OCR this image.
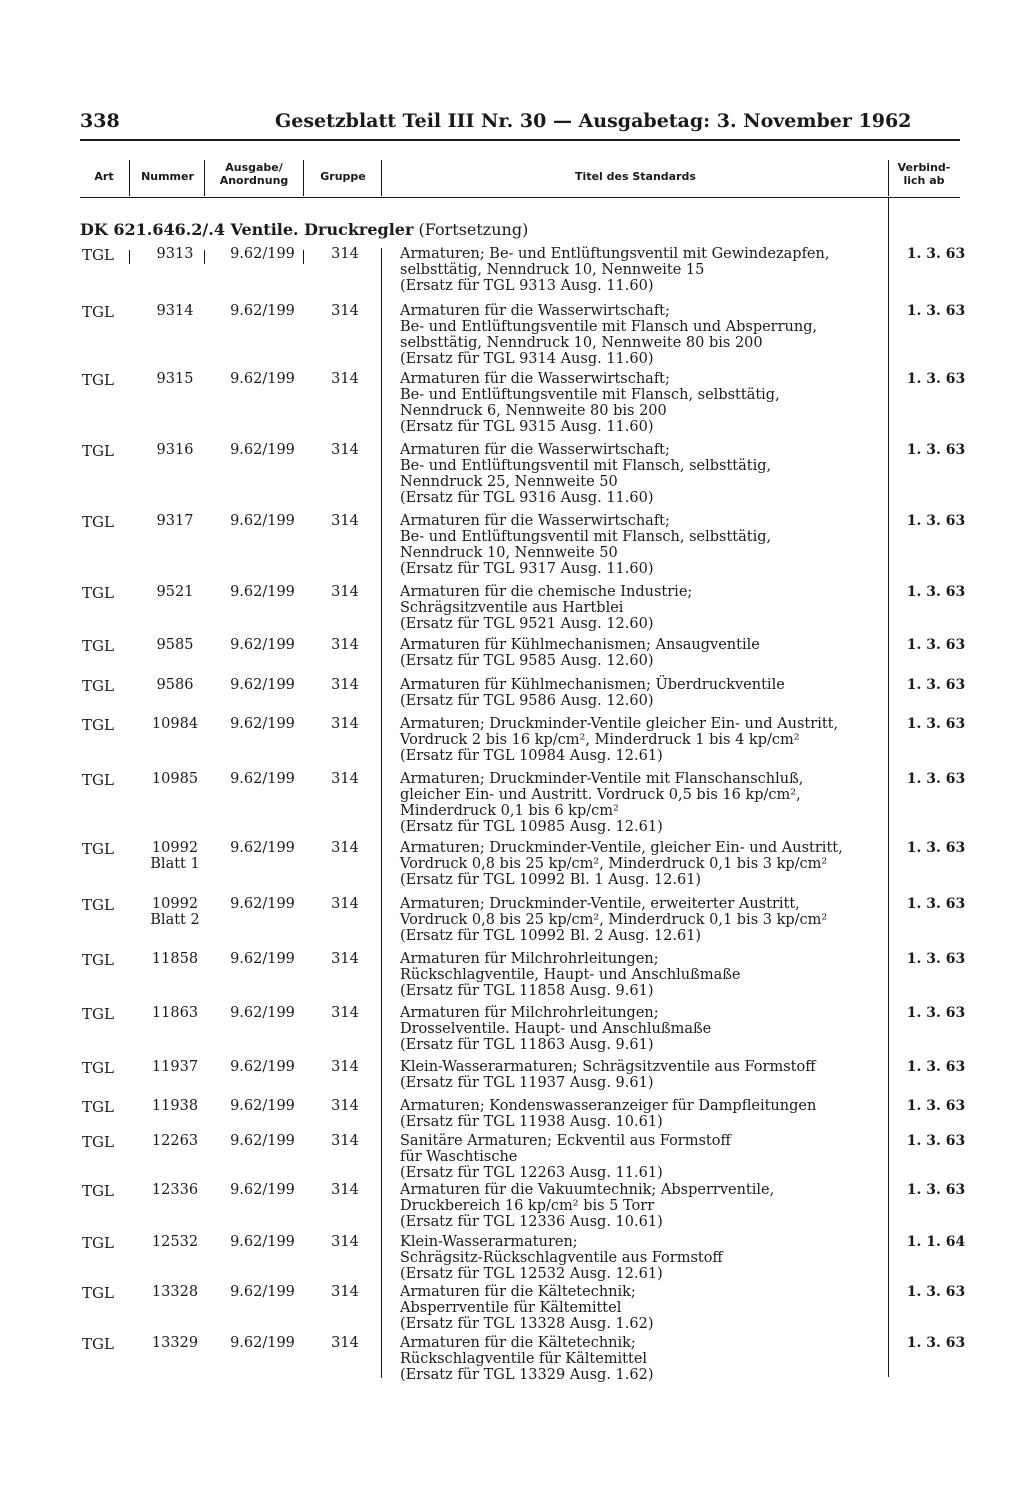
338	Gesetzblatt Teil III Nr. 30 — Ausgabetag: 3. November 1962
Art	Nummer
Ausgabe/
Anordnung	Gruppe	Titel des Standards
Verbind-
lich ab
DK 621.646.2/.4 Ventile. Druckregler (Fortsetzung)
TGL	9313	9.62/199	314	Armaturen; Be- und Entlüftungsventil mit Gewindezapfen,
selbsttätig, Nenndruck 10, Nennweite 15
(Ersatz für TGL 9313 Ausg. 11.60)
1. 3. 63
TGL	9314	9.62/199	314	Armaturen für die Wasserwirtschaft;
Be- und Entlüftungsventile mit Flansch und Absperrung,
selbsttätig, Nenndruck 10, Nennweite 80 bis 200
(Ersatz für TGL 9314 Ausg. 11.60)
1. 3. 63
TGL	9315	9.62/199	314	Armaturen für die Wasserwirtschaft;
Be- und Entlüftungsventile mit Flansch, selbsttätig,
Nenndruck 6, Nennweite 80 bis 200
(Ersatz für TGL 9315 Ausg. 11.60)
1. 3. 63
TGL	9316	9.62/199	314	Armaturen für die Wasserwirtschaft;
Be- und Entlüftungsventil mit Flansch, selbsttätig,
Nenndruck 25, Nennweite 50
(Ersatz für TGL 9316 Ausg. 11.60)
1. 3. 63
TGL	9317	9.62/199	314	Armaturen für die Wasserwirtschaft;
Be- und Entlüftungsventil mit Flansch, selbsttätig,
Nenndruck 10, Nennweite 50
(Ersatz für TGL 9317 Ausg. 11.60)
1. 3. 63
TGL	9521	9.62/199	314	Armaturen für die chemische Industrie;
Schrägsitzventile aus Hartblei
(Ersatz für TGL 9521 Ausg. 12.60)
1. 3. 63
TGL	9585	9.62/199	314	Armaturen für Kühlmechanismen; Ansaugventile
(Ersatz für TGL 9585 Ausg. 12.60)
1. 3. 63
TGL	9586	9.62/199	314	Armaturen für Kühlmechanismen; Überdruckventile
(Ersatz für TGL 9586 Ausg. 12.60)
1. 3. 63
TGL	10984	9.62/199	314	Armaturen; Druckminder-Ventile gleicher Ein- und Austritt,
Vordruck 2 bis 16 kp/cm², Minderdruck 1 bis 4 kp/cm²
(Ersatz für TGL 10984 Ausg. 12.61)
1. 3. 63
TGL	10985	9.62/199	314	Armaturen; Druckminder-Ventile mit Flanschanschluß,
gleicher Ein- und Austritt. Vordruck 0,5 bis 16 kp/cm²,
Minderdruck 0,1 bis 6 kp/cm²
(Ersatz für TGL 10985 Ausg. 12.61)
1. 3. 63
TGL	10992
Blatt 1
9.62/199	314	Armaturen; Druckminder-Ventile, gleicher Ein- und Austritt,
Vordruck 0,8 bis 25 kp/cm², Minderdruck 0,1 bis 3 kp/cm²
(Ersatz für TGL 10992 Bl. 1 Ausg. 12.61)
1. 3. 63
TGL	10992
Blatt 2
9.62/199	314	Armaturen; Druckminder-Ventile, erweiterter Austritt,
Vordruck 0,8 bis 25 kp/cm², Minderdruck 0,1 bis 3 kp/cm²
(Ersatz für TGL 10992 Bl. 2 Ausg. 12.61)
1. 3. 63
TGL	11858	9.62/199	314	Armaturen für Milchrohrleitungen;
Rückschlagventile, Haupt- und Anschlußmaße
(Ersatz für TGL 11858 Ausg. 9.61)
1. 3. 63
TGL	11863	9.62/199	314	Armaturen für Milchrohrleitungen;
Drosselventile. Haupt- und Anschlußmaße
(Ersatz für TGL 11863 Ausg. 9.61)
1. 3. 63
TGL	11937	9.62/199	314	Klein-Wasserarmaturen; Schrägsitzventile aus Formstoff
(Ersatz für TGL 11937 Ausg. 9.61)
1. 3. 63
TGL	11938	9.62/199	314	Armaturen; Kondenswasseranzeiger für Dampfleitungen
(Ersatz für TGL 11938 Ausg. 10.61)
1. 3. 63
TGL	12263	9.62/199	314	Sanitäre Armaturen; Eckventil aus Formstoff
für Waschtische
(Ersatz für TGL 12263 Ausg. 11.61)
1. 3. 63
TGL	12336	9.62/199	314	Armaturen für die Vakuumtechnik; Absperrventile,
Druckbereich 16 kp/cm² bis 5 Torr
(Ersatz für TGL 12336 Ausg. 10.61)
1. 3. 63
TGL	12532	9.62/199	314	Klein-Wasserarmaturen;
Schrägsitz-Rückschlagventile aus Formstoff
(Ersatz für TGL 12532 Ausg. 12.61)
1. 1. 64
TGL	13328	9.62/199	314	Armaturen für die Kältetechnik;
Absperrventile für Kältemittel
(Ersatz für TGL 13328 Ausg. 1.62)
1. 3. 63
TGL	13329	9.62/199	314	Armaturen für die Kältetechnik;
Rückschlagventile für Kältemittel
(Ersatz für TGL 13329 Ausg. 1.62)
1. 3. 63
